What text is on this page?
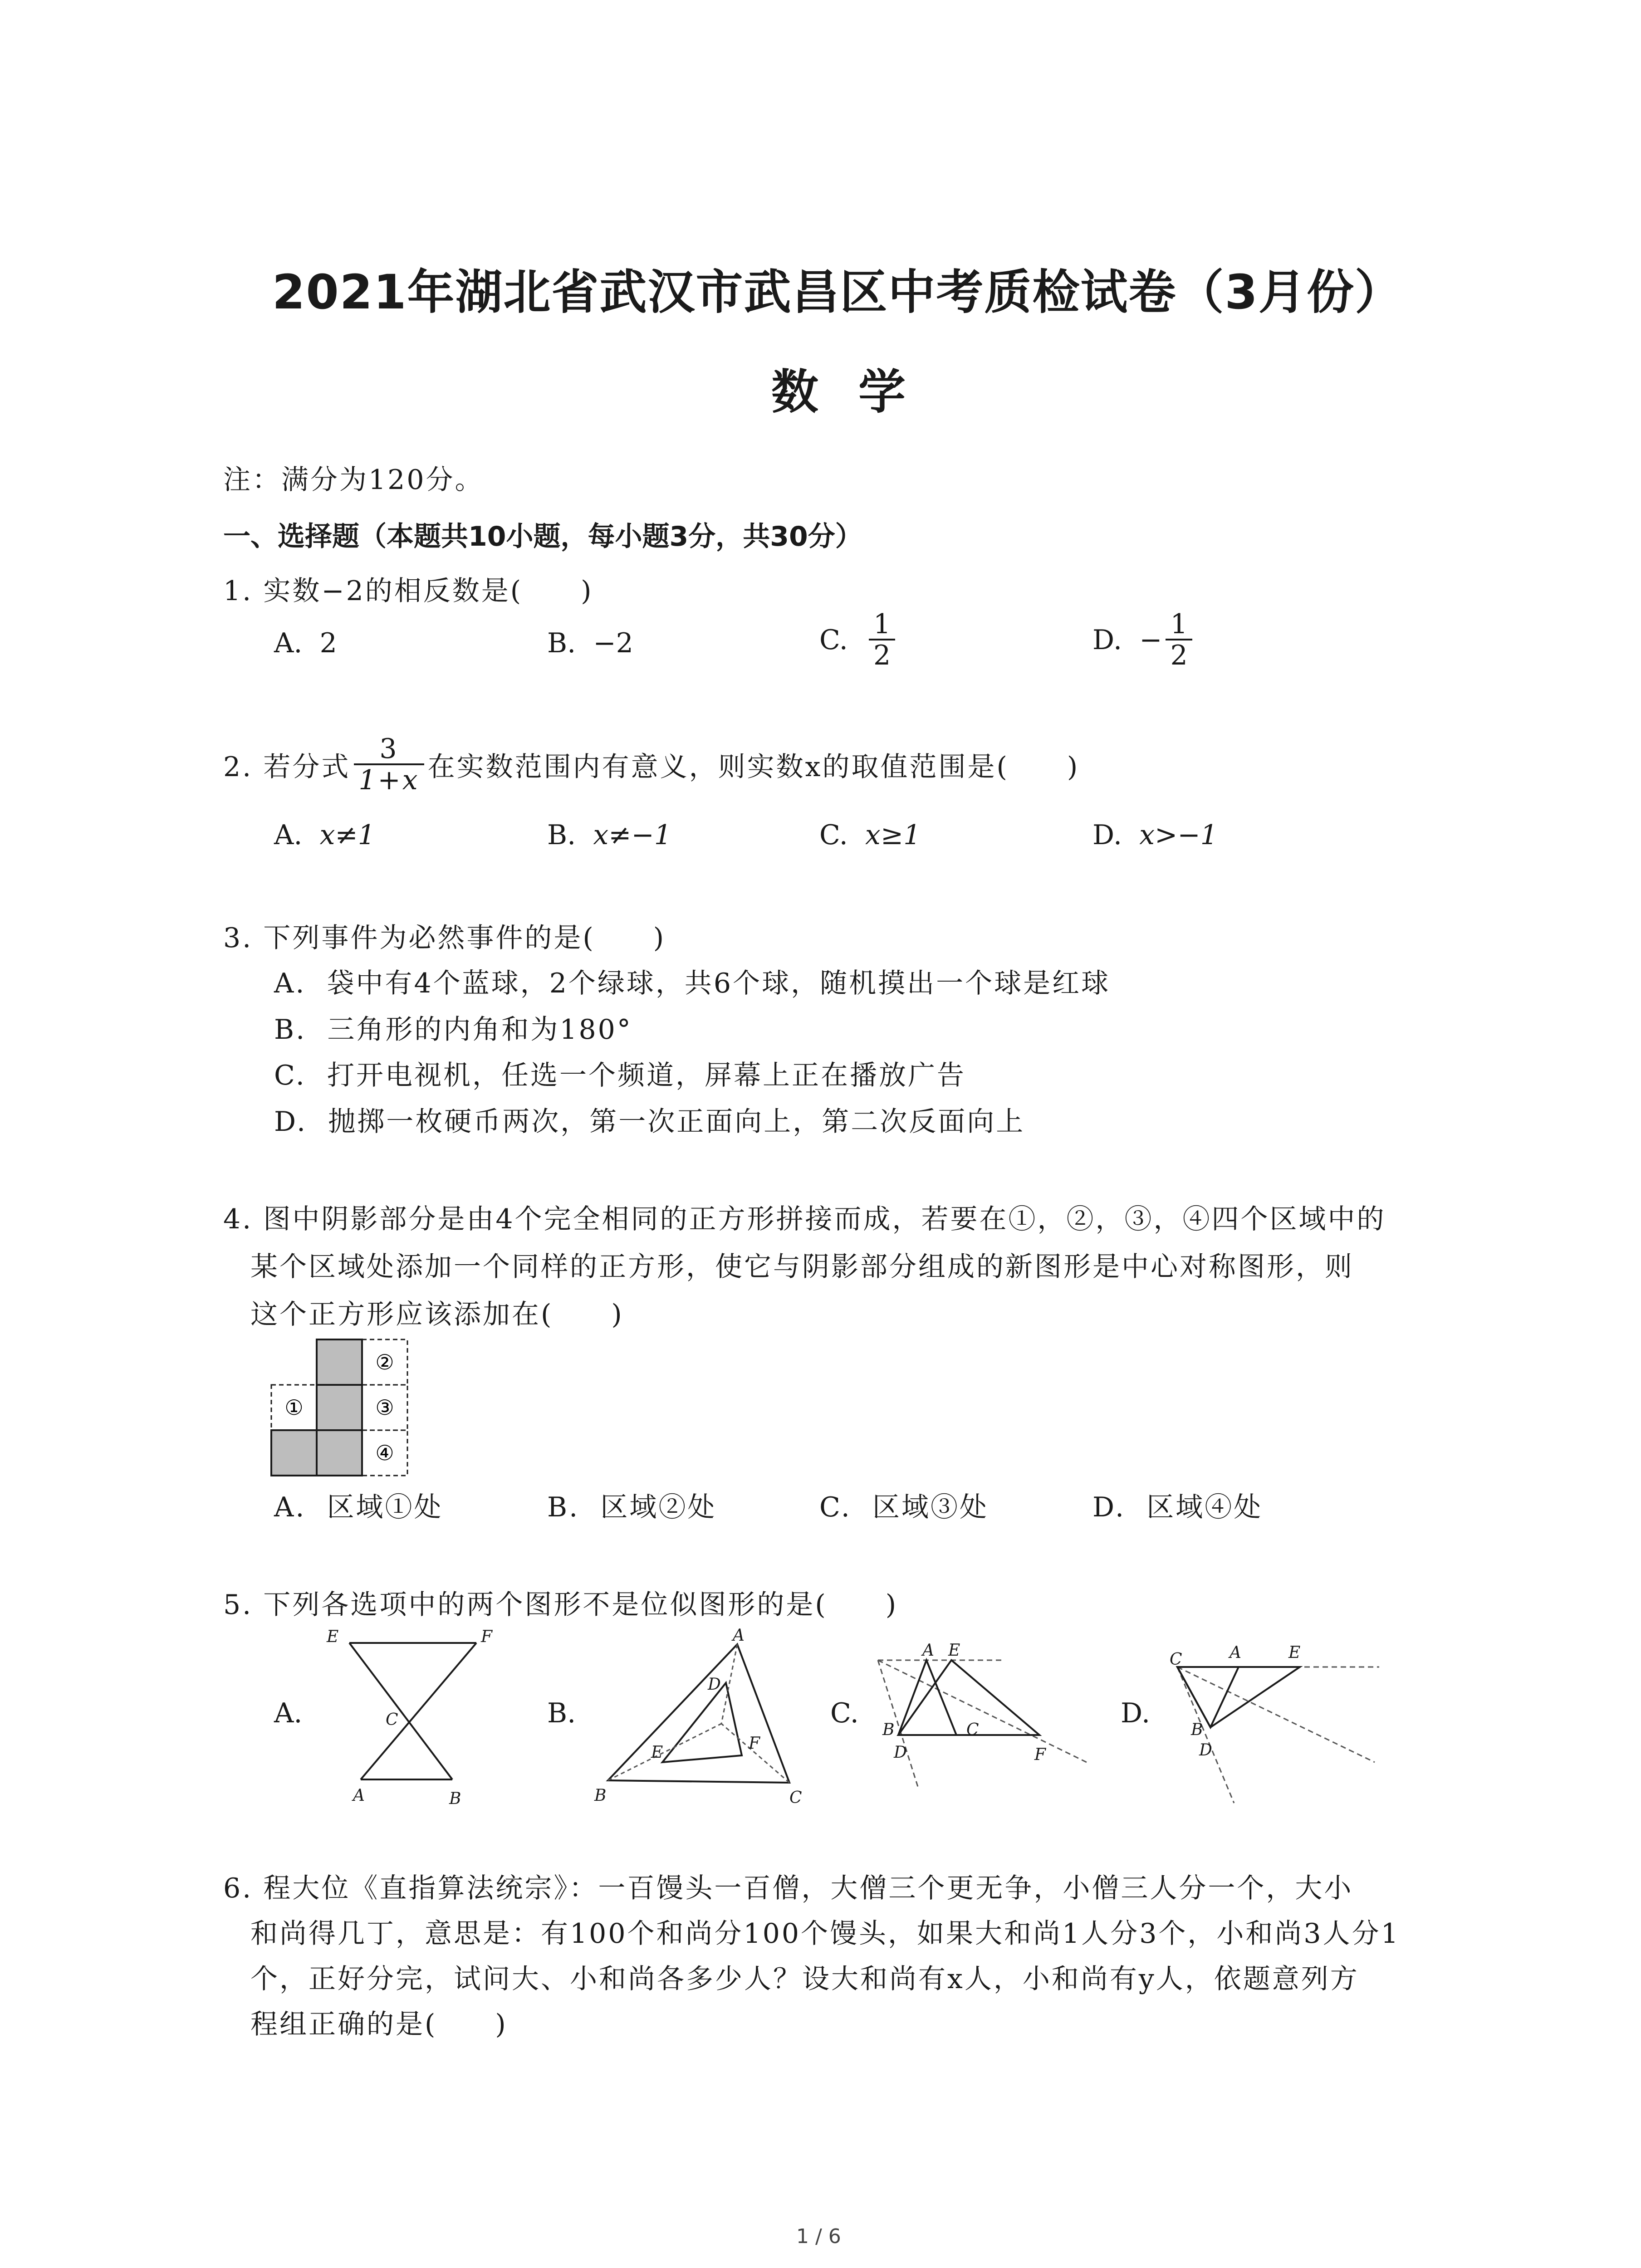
2021年湖北省武汉市武昌区中考质检试卷（3月份）
数学
注：满分为120分。
一、选择题（本题共10小题，每小题3分，共30分）
1. 实数−2的相反数是(　　)
A. 2	B. −2	C.
$\frac{1}{2}$	D.
− $\frac{1}{2}$
2. 若分式 $\frac{3}{1+x}$ 在实数范围内有意义，则实数x的取值范围是(　　)
A. x≠1	B. x≠−1	C. x≥1	D. x>−1
3. 下列事件为必然事件的是(　　)
A. 袋中有4个蓝球，2个绿球，共6个球，随机摸出一个球是红球
B. 三角形的内角和为180°
C. 打开电视机，任选一个频道，屏幕上正在播放广告
D. 抛掷一枚硬币两次，第一次正面向上，第二次反面向上
4. 图中阴影部分是由4个完全相同的正方形拼接而成，若要在①，②，③，④四个区域中的
某个区域处添加一个同样的正方形，使它与阴影部分组成的新图形是中心对称图形，则
这个正方形应该添加在(　　)
①
②
③
④
A. 区域①处	B. 区域②处	C. 区域③处	D. 区域④处
5. 下列各选项中的两个图形不是位似图形的是(　　)
A.
E	F
C
A	B
B.
A
D
E	F
B	C
C.
A E
B	C
D	F
D.
C	A	E
B
D
6. 程大位《直指算法统宗》：一百馒头一百僧，大僧三个更无争，小僧三人分一个，大小
和尚得几丁，意思是：有100个和尚分100个馒头，如果大和尚1人分3个，小和尚3人分1
个，正好分完，试问大、小和尚各多少人？设大和尚有x人，小和尚有y人，依题意列方
程组正确的是(　　)
1 / 6
